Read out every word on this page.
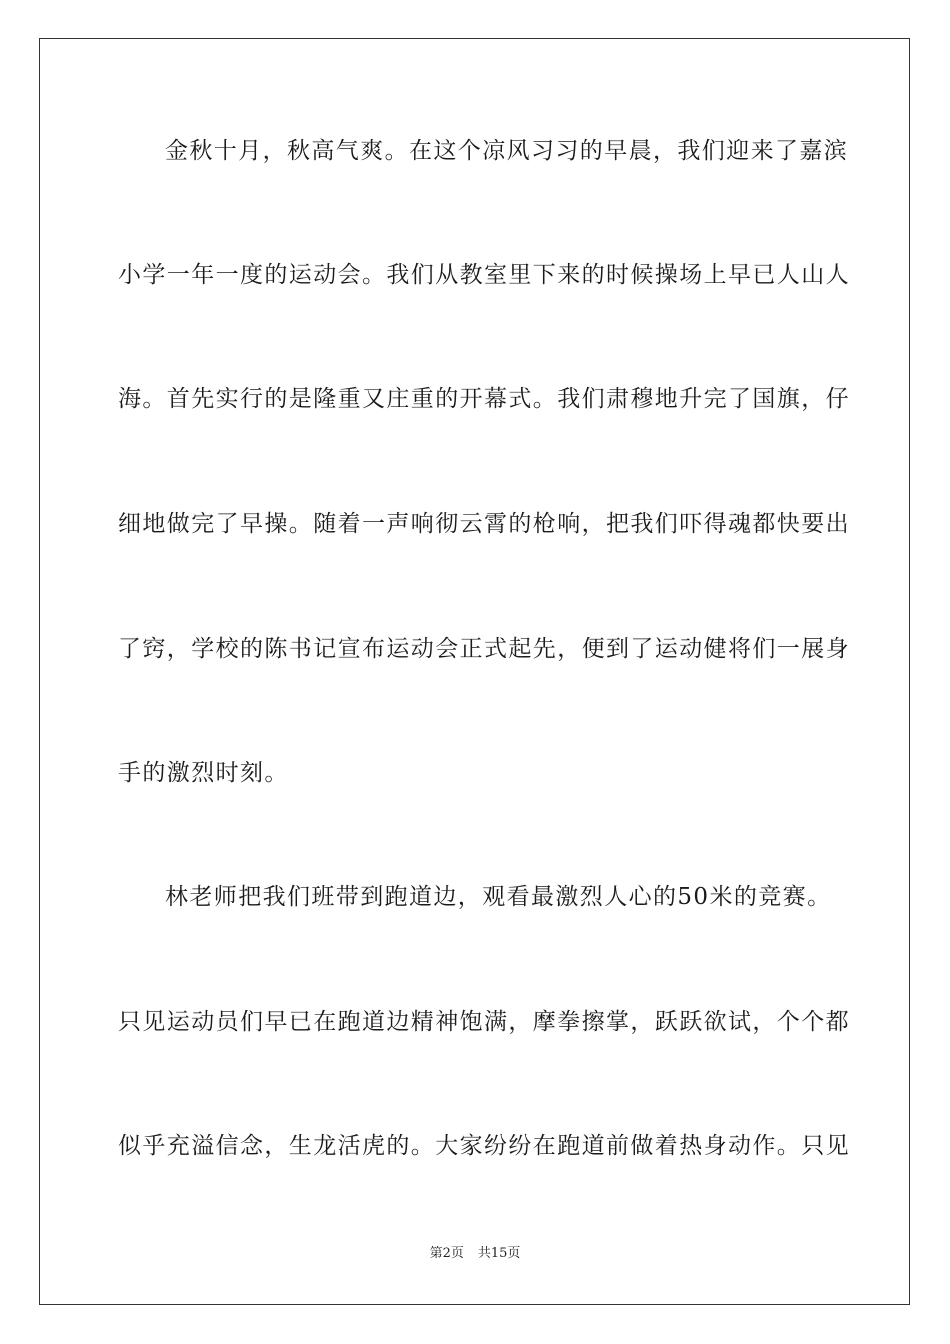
金秋十月，秋高气爽。在这个凉风习习的早晨，我们迎来了嘉滨
小学一年一度的运动会。我们从教室里下来的时候操场上早已人山人
海。首先实行的是隆重又庄重的开幕式。我们肃穆地升完了国旗，仔
细地做完了早操。随着一声响彻云霄的枪响，把我们吓得魂都快要出
了窍，学校的陈书记宣布运动会正式起先，便到了运动健将们一展身
手的激烈时刻。
林老师把我们班带到跑道边，观看最激烈人心的50米的竞赛。
只见运动员们早已在跑道边精神饱满，摩拳擦掌，跃跃欲试，个个都
似乎充溢信念，生龙活虎的。大家纷纷在跑道前做着热身动作。只见
第2页 共15页
